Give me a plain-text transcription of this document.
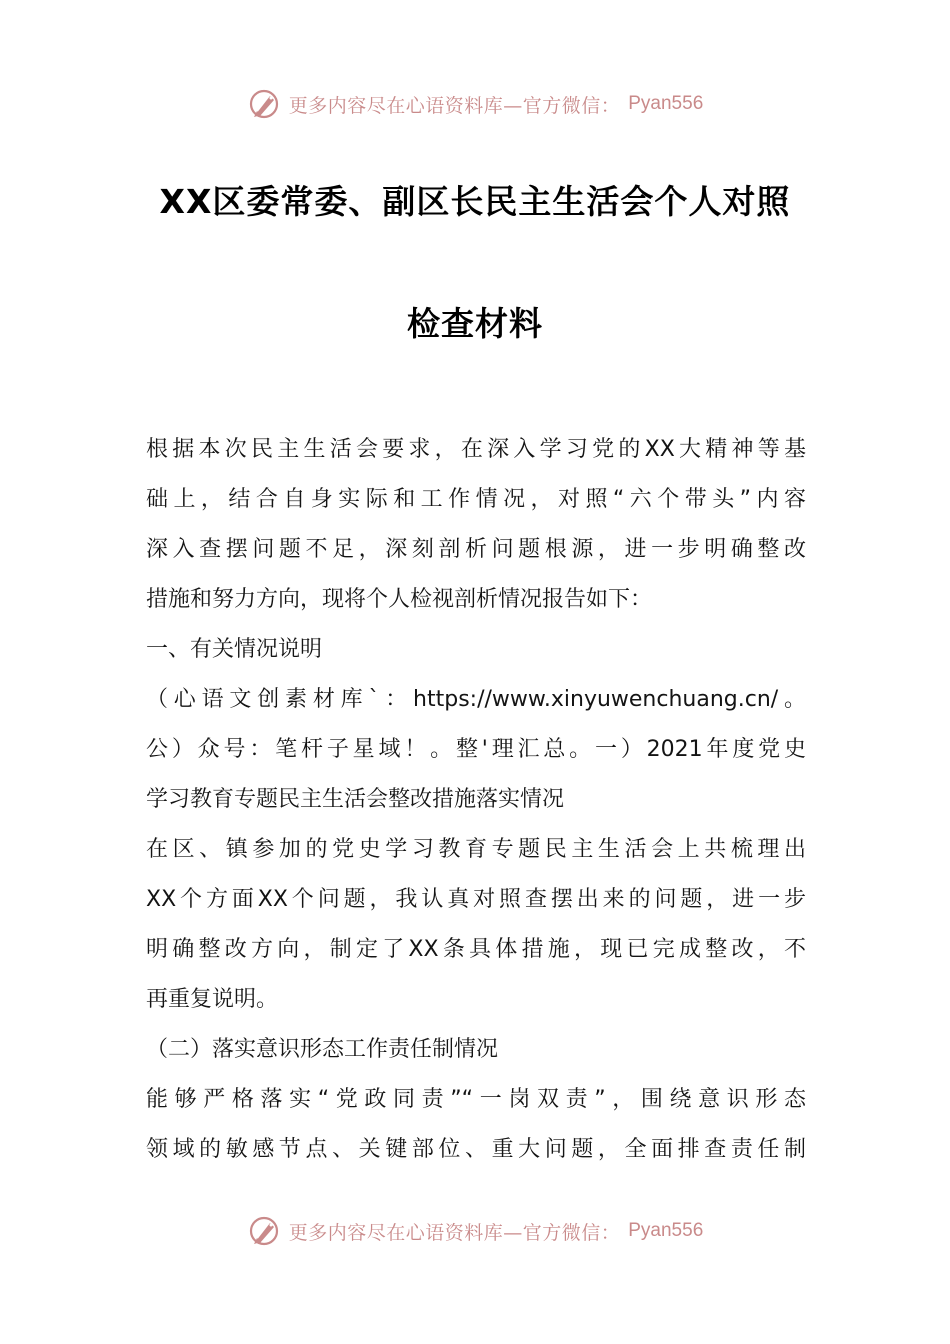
更多内容尽在心语资料库—官方微信： Pyan556
XX区委常委、副区长民主生活会个人对照
检查材料
根据本次民主生活会要求，在深入学习党的XX大精神等基
础上，结合自身实际和工作情况，对照“六个带头”内容
深入查摆问题不足，深刻剖析问题根源，进一步明确整改
措施和努力方向，现将个人检视剖析情况报告如下：
一、有关情况说明
（心语文创素材库`：https://www.xinyuwenchuang.cn/。
公）众号：笔杆子星域！。整'理汇总。一）2021年度党史
学习教育专题民主生活会整改措施落实情况
在区、镇参加的党史学习教育专题民主生活会上共梳理出
XX个方面XX个问题，我认真对照查摆出来的问题，进一步
明确整改方向，制定了XX条具体措施，现已完成整改，不
再重复说明。
（二）落实意识形态工作责任制情况
能够严格落实“党政同责”“一岗双责”，围绕意识形态
领域的敏感节点、关键部位、重大问题，全面排查责任制
更多内容尽在心语资料库—官方微信： Pyan556
